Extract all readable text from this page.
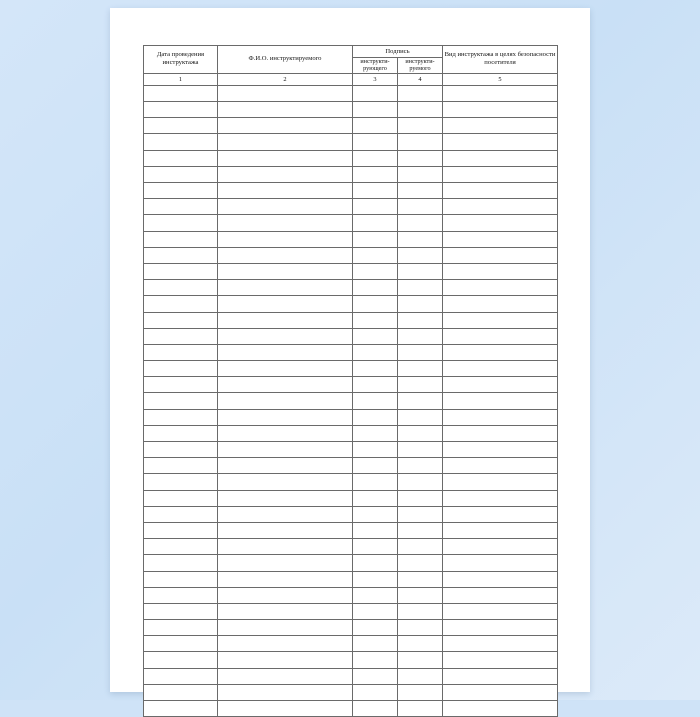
Дата проведения инструктажа	Ф.И.О. инструктируемого	Подпись		Вид инструктажа в целях безопасности посетителя
		инструкти-рующего	инструкти-руемого	
1	2	3	4	5
